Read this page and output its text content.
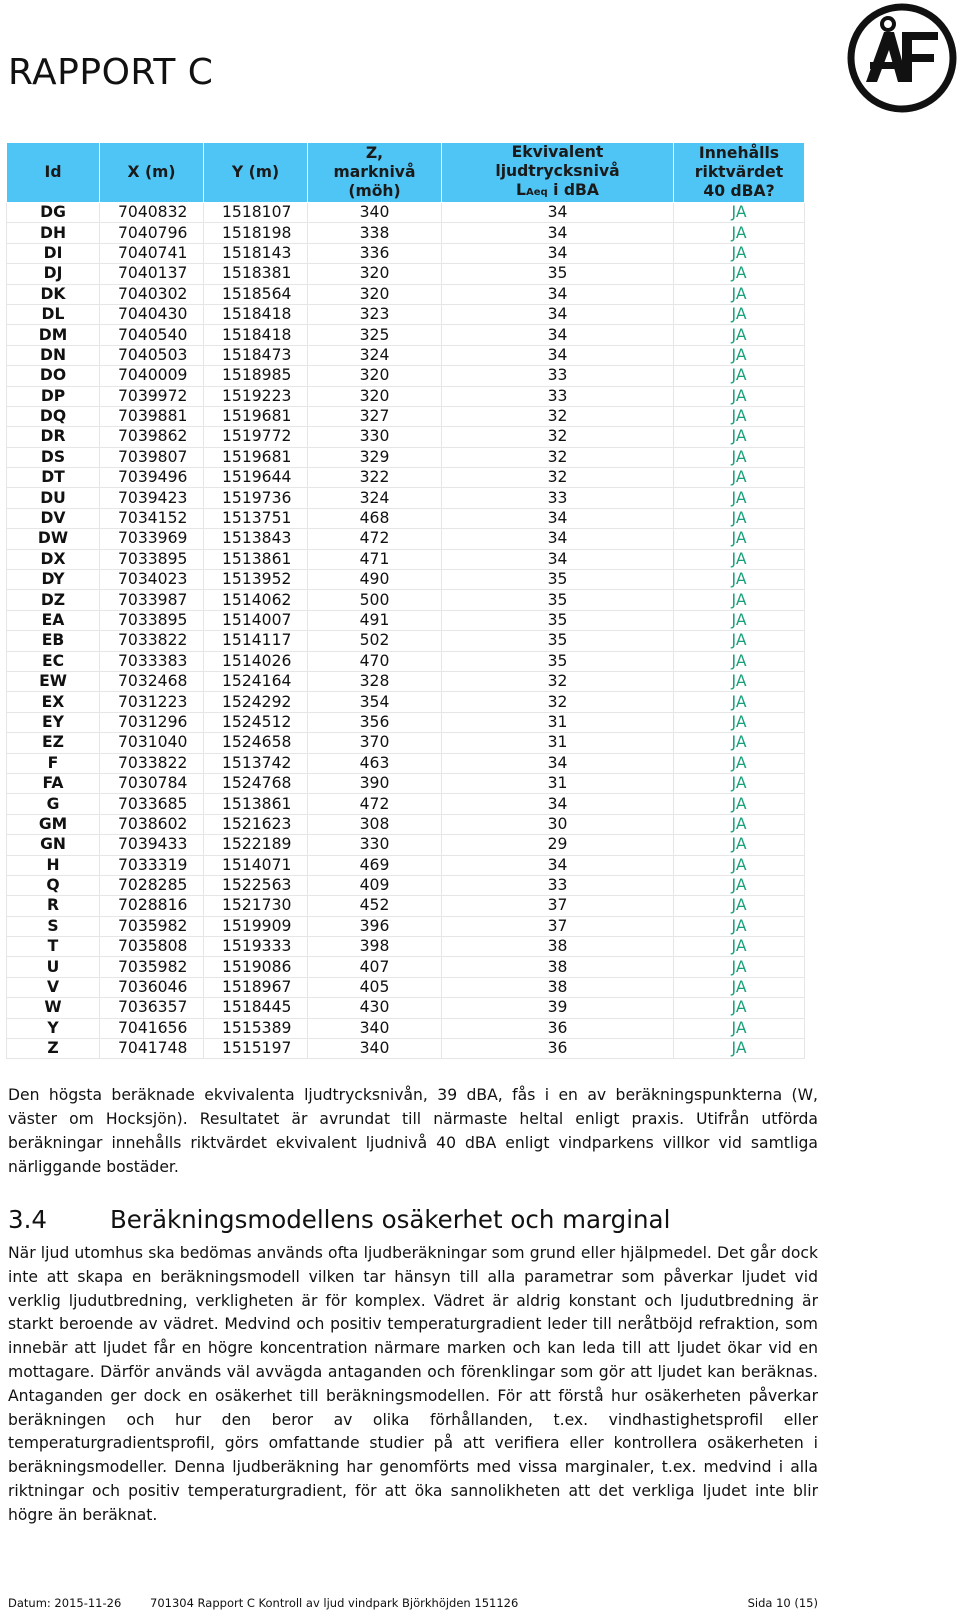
RAPPORT C
Id	X (m)	Y (m)	Z, marknivå (möh)	Ekvivalent
ljudtrycksnivå
LAeq i dBA	Innehålls riktvärdet 40 dBA?

DG	7040832	1518107	340	34	JA
DH	7040796	1518198	338	34	JA
DI	7040741	1518143	336	34	JA
DJ	7040137	1518381	320	35	JA
DK	7040302	1518564	320	34	JA
DL	7040430	1518418	323	34	JA
DM	7040540	1518418	325	34	JA
DN	7040503	1518473	324	34	JA
DO	7040009	1518985	320	33	JA
DP	7039972	1519223	320	33	JA
DQ	7039881	1519681	327	32	JA
DR	7039862	1519772	330	32	JA
DS	7039807	1519681	329	32	JA
DT	7039496	1519644	322	32	JA
DU	7039423	1519736	324	33	JA
DV	7034152	1513751	468	34	JA
DW	7033969	1513843	472	34	JA
DX	7033895	1513861	471	34	JA
DY	7034023	1513952	490	35	JA
DZ	7033987	1514062	500	35	JA
EA	7033895	1514007	491	35	JA
EB	7033822	1514117	502	35	JA
EC	7033383	1514026	470	35	JA
EW	7032468	1524164	328	32	JA
EX	7031223	1524292	354	32	JA
EY	7031296	1524512	356	31	JA
EZ	7031040	1524658	370	31	JA
F	7033822	1513742	463	34	JA
FA	7030784	1524768	390	31	JA
G	7033685	1513861	472	34	JA
GM	7038602	1521623	308	30	JA
GN	7039433	1522189	330	29	JA
H	7033319	1514071	469	34	JA
Q	7028285	1522563	409	33	JA
R	7028816	1521730	452	37	JA
S	7035982	1519909	396	37	JA
T	7035808	1519333	398	38	JA
U	7035982	1519086	407	38	JA
V	7036046	1518967	405	38	JA
W	7036357	1518445	430	39	JA
Y	7041656	1515389	340	36	JA
Z	7041748	1515197	340	36	JA
Den högsta beräknade ekvivalenta ljudtrycksnivån, 39 dBA, fås i en av beräkningspunkterna (W, väster om Hocksjön). Resultatet är avrundat till närmaste heltal enligt praxis. Utifrån utförda beräkningar innehålls riktvärdet ekvivalent ljudnivå 40 dBA enligt vindparkens villkor vid samtliga närliggande bostäder.
3.4	Beräkningsmodellens osäkerhet och marginal
När ljud utomhus ska bedömas används ofta ljudberäkningar som grund eller hjälpmedel. Det går dock inte att skapa en beräkningsmodell vilken tar hänsyn till alla parametrar som påverkar ljudet vid verklig ljudutbredning, verkligheten är för komplex. Vädret är aldrig konstant och ljudutbredning är starkt beroende av vädret. Medvind och positiv temperaturgradient leder till neråtböjd refraktion, som innebär att ljudet får en högre koncentration närmare marken och kan leda till att ljudet ökar vid en mottagare. Därför används väl avvägda antaganden och förenklingar som gör att ljudet kan beräknas. Antaganden ger dock en osäkerhet till beräkningsmodellen. För att förstå hur osäkerheten påverkar beräkningen och hur den beror av olika förhållanden, t.ex. vindhastighetsprofil eller temperaturgradientsprofil, görs omfattande studier på att verifiera eller kontrollera osäkerheten i beräkningsmodeller. Denna ljudberäkning har genomförts med vissa marginaler, t.ex. medvind i alla riktningar och positiv temperaturgradient, för att öka sannolikheten att det verkliga ljudet inte blir högre än beräknat.
Datum: 2015-11-26 701304 Rapport C Kontroll av ljud vindpark Björkhöjden 151126	Sida 10 (15)
